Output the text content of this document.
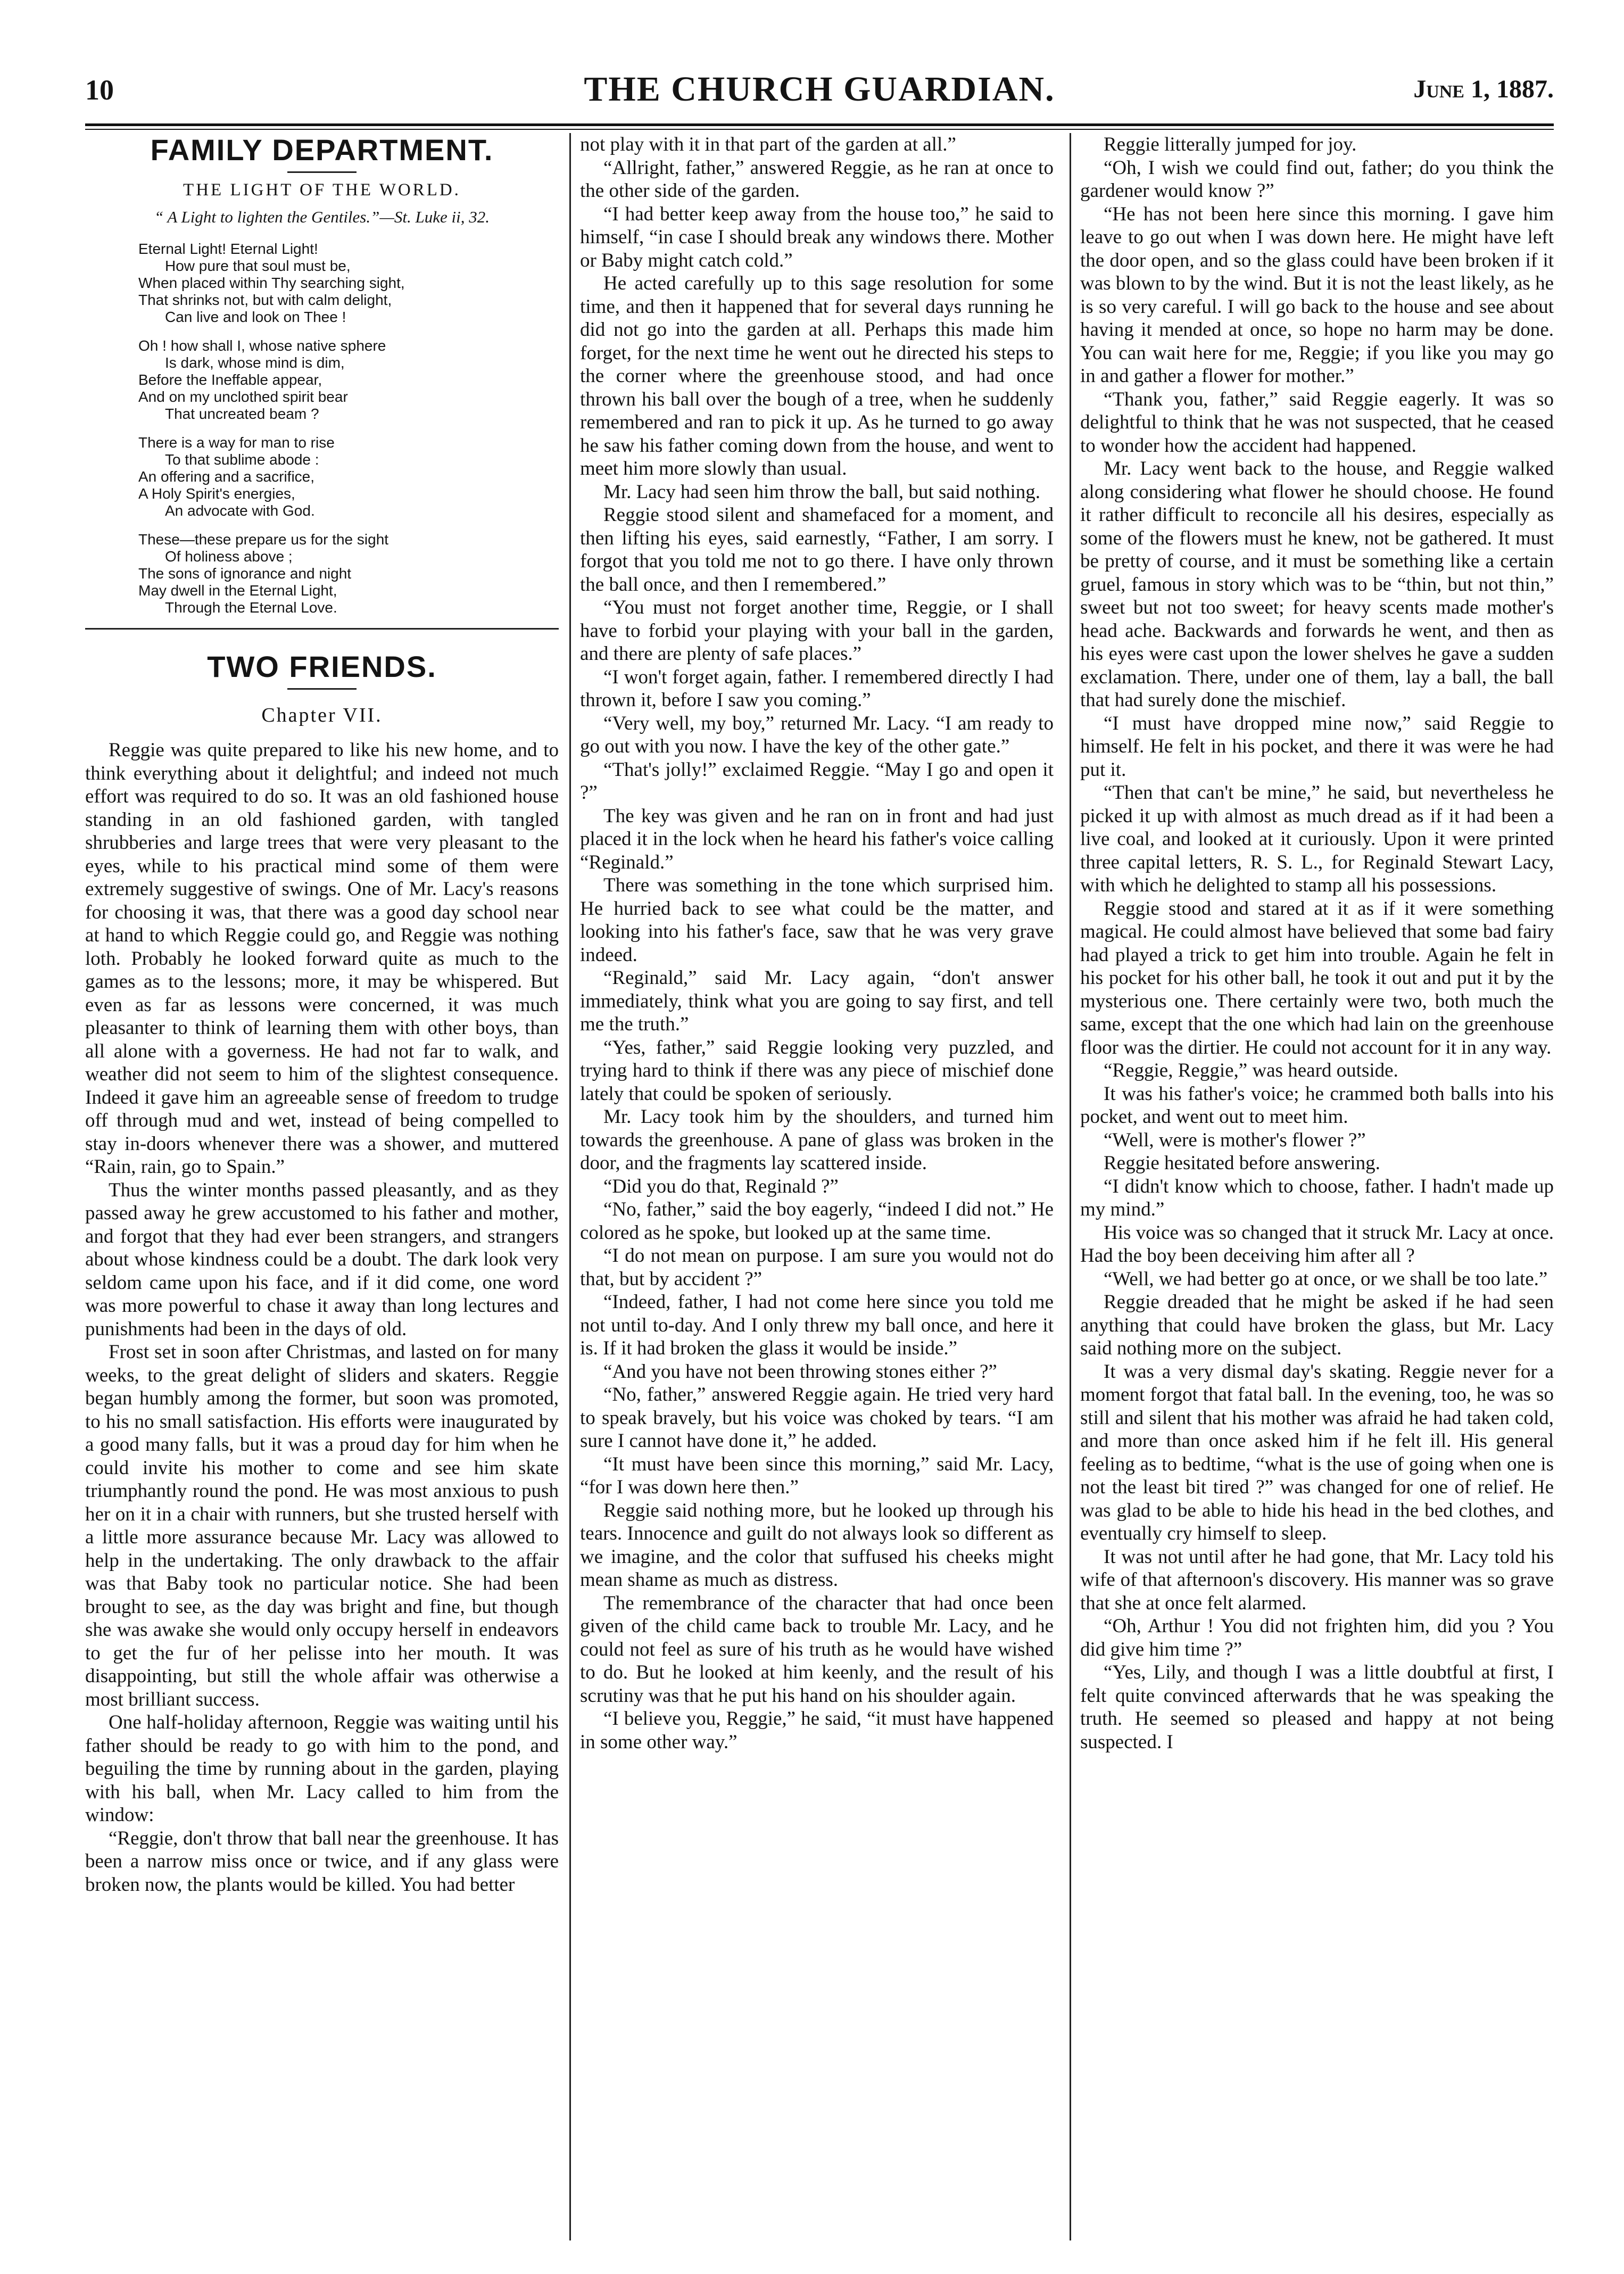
10	THE CHURCH GUARDIAN.	June 1, 1887.
FAMILY DEPARTMENT.
THE LIGHT OF THE WORLD.
“ A Light to lighten the Gentiles.”—St. Luke ii, 32.
Eternal Light! Eternal Light!
How pure that soul must be,
When placed within Thy searching sight,
That shrinks not, but with calm delight,
Can live and look on Thee !
Oh ! how shall I, whose native sphere
Is dark, whose mind is dim,
Before the Ineffable appear,
And on my unclothed spirit bear
That uncreated beam ?
There is a way for man to rise
To that sublime abode :
An offering and a sacrifice,
A Holy Spirit's energies,
An advocate with God.
These—these prepare us for the sight
Of holiness above ;
The sons of ignorance and night
May dwell in the Eternal Light,
Through the Eternal Love.
TWO FRIENDS.
Chapter VII.

Reggie was quite prepared to like his new home, and to think everything about it delightful; and indeed not much effort was required to do so. It was an old fashioned house standing in an old fashioned garden, with tangled shrubberies and large trees that were very pleasant to the eyes, while to his practical mind some of them were extremely suggestive of swings. One of Mr. Lacy's reasons for choosing it was, that there was a good day school near at hand to which Reggie could go, and Reggie was nothing loth. Probably he looked forward quite as much to the games as to the lessons; more, it may be whispered. But even as far as lessons were concerned, it was much pleasanter to think of learning them with other boys, than all alone with a governess. He had not far to walk, and weather did not seem to him of the slightest consequence. Indeed it gave him an agreeable sense of freedom to trudge off through mud and wet, instead of being compelled to stay in-doors whenever there was a shower, and muttered “Rain, rain, go to Spain.”

Thus the winter months passed pleasantly, and as they passed away he grew accustomed to his father and mother, and forgot that they had ever been strangers, and strangers about whose kindness could be a doubt. The dark look very seldom came upon his face, and if it did come, one word was more powerful to chase it away than long lectures and punishments had been in the days of old.

Frost set in soon after Christmas, and lasted on for many weeks, to the great delight of sliders and skaters. Reggie began humbly among the former, but soon was promoted, to his no small satisfaction. His efforts were inaugurated by a good many falls, but it was a proud day for him when he could invite his mother to come and see him skate triumphantly round the pond. He was most anxious to push her on it in a chair with runners, but she trusted herself with a little more assurance because Mr. Lacy was allowed to help in the undertaking. The only drawback to the affair was that Baby took no particular notice. She had been brought to see, as the day was bright and fine, but though she was awake she would only occupy herself in endeavors to get the fur of her pelisse into her mouth. It was disappointing, but still the whole affair was otherwise a most brilliant success.

One half-holiday afternoon, Reggie was waiting until his father should be ready to go with him to the pond, and beguiling the time by running about in the garden, playing with his ball, when Mr. Lacy called to him from the window:

“Reggie, don't throw that ball near the greenhouse. It has been a narrow miss once or twice, and if any glass were broken now, the plants would be killed. You had better

not play with it in that part of the garden at all.”

“Allright, father,” answered Reggie, as he ran at once to the other side of the garden.

“I had better keep away from the house too,” he said to himself, “in case I should break any windows there. Mother or Baby might catch cold.”

He acted carefully up to this sage resolution for some time, and then it happened that for several days running he did not go into the garden at all. Perhaps this made him forget, for the next time he went out he directed his steps to the corner where the greenhouse stood, and had once thrown his ball over the bough of a tree, when he suddenly remembered and ran to pick it up. As he turned to go away he saw his father coming down from the house, and went to meet him more slowly than usual.

Mr. Lacy had seen him throw the ball, but said nothing.

Reggie stood silent and shamefaced for a moment, and then lifting his eyes, said earnestly, “Father, I am sorry. I forgot that you told me not to go there. I have only thrown the ball once, and then I remembered.”

“You must not forget another time, Reggie, or I shall have to forbid your playing with your ball in the garden, and there are plenty of safe places.”

“I won't forget again, father. I remembered directly I had thrown it, before I saw you coming.”

“Very well, my boy,” returned Mr. Lacy. “I am ready to go out with you now. I have the key of the other gate.”

“That's jolly!” exclaimed Reggie. “May I go and open it ?”

The key was given and he ran on in front and had just placed it in the lock when he heard his father's voice calling “Reginald.”

There was something in the tone which surprised him. He hurried back to see what could be the matter, and looking into his father's face, saw that he was very grave indeed.

“Reginald,” said Mr. Lacy again, “don't answer immediately, think what you are going to say first, and tell me the truth.”

“Yes, father,” said Reggie looking very puzzled, and trying hard to think if there was any piece of mischief done lately that could be spoken of seriously.

Mr. Lacy took him by the shoulders, and turned him towards the greenhouse. A pane of glass was broken in the door, and the fragments lay scattered inside.

“Did you do that, Reginald ?”

“No, father,” said the boy eagerly, “indeed I did not.” He colored as he spoke, but looked up at the same time.

“I do not mean on purpose. I am sure you would not do that, but by accident ?”

“Indeed, father, I had not come here since you told me not until to-day. And I only threw my ball once, and here it is. If it had broken the glass it would be inside.”

“And you have not been throwing stones either ?”

“No, father,” answered Reggie again. He tried very hard to speak bravely, but his voice was choked by tears. “I am sure I cannot have done it,” he added.

“It must have been since this morning,” said Mr. Lacy, “for I was down here then.”

Reggie said nothing more, but he looked up through his tears. Innocence and guilt do not always look so different as we imagine, and the color that suffused his cheeks might mean shame as much as distress.

The remembrance of the character that had once been given of the child came back to trouble Mr. Lacy, and he could not feel as sure of his truth as he would have wished to do. But he looked at him keenly, and the result of his scrutiny was that he put his hand on his shoulder again.

“I believe you, Reggie,” he said, “it must have happened in some other way.”

Reggie litterally jumped for joy.

“Oh, I wish we could find out, father; do you think the gardener would know ?”

“He has not been here since this morning. I gave him leave to go out when I was down here. He might have left the door open, and so the glass could have been broken if it was blown to by the wind. But it is not the least likely, as he is so very careful. I will go back to the house and see about having it mended at once, so hope no harm may be done. You can wait here for me, Reggie; if you like you may go in and gather a flower for mother.”

“Thank you, father,” said Reggie eagerly. It was so delightful to think that he was not suspected, that he ceased to wonder how the accident had happened.

Mr. Lacy went back to the house, and Reggie walked along considering what flower he should choose. He found it rather difficult to reconcile all his desires, especially as some of the flowers must he knew, not be gathered. It must be pretty of course, and it must be something like a certain gruel, famous in story which was to be “thin, but not thin,” sweet but not too sweet; for heavy scents made mother's head ache. Backwards and forwards he went, and then as his eyes were cast upon the lower shelves he gave a sudden exclamation. There, under one of them, lay a ball, the ball that had surely done the mischief.

“I must have dropped mine now,” said Reggie to himself. He felt in his pocket, and there it was were he had put it.

“Then that can't be mine,” he said, but nevertheless he picked it up with almost as much dread as if it had been a live coal, and looked at it curiously. Upon it were printed three capital letters, R. S. L., for Reginald Stewart Lacy, with which he delighted to stamp all his possessions.

Reggie stood and stared at it as if it were something magical. He could almost have believed that some bad fairy had played a trick to get him into trouble. Again he felt in his pocket for his other ball, he took it out and put it by the mysterious one. There certainly were two, both much the same, except that the one which had lain on the greenhouse floor was the dirtier. He could not account for it in any way.

“Reggie, Reggie,” was heard outside.

It was his father's voice; he crammed both balls into his pocket, and went out to meet him.

“Well, were is mother's flower ?”

Reggie hesitated before answering.

“I didn't know which to choose, father. I hadn't made up my mind.”

His voice was so changed that it struck Mr. Lacy at once. Had the boy been deceiving him after all ?

“Well, we had better go at once, or we shall be too late.”

Reggie dreaded that he might be asked if he had seen anything that could have broken the glass, but Mr. Lacy said nothing more on the subject.

It was a very dismal day's skating. Reggie never for a moment forgot that fatal ball. In the evening, too, he was so still and silent that his mother was afraid he had taken cold, and more than once asked him if he felt ill. His general feeling as to bedtime, “what is the use of going when one is not the least bit tired ?” was changed for one of relief. He was glad to be able to hide his head in the bed clothes, and eventually cry himself to sleep.

It was not until after he had gone, that Mr. Lacy told his wife of that afternoon's discovery. His manner was so grave that she at once felt alarmed.

“Oh, Arthur ! You did not frighten him, did you ? You did give him time ?”

“Yes, Lily, and though I was a little doubtful at first, I felt quite convinced afterwards that he was speaking the truth. He seemed so pleased and happy at not being suspected. I
